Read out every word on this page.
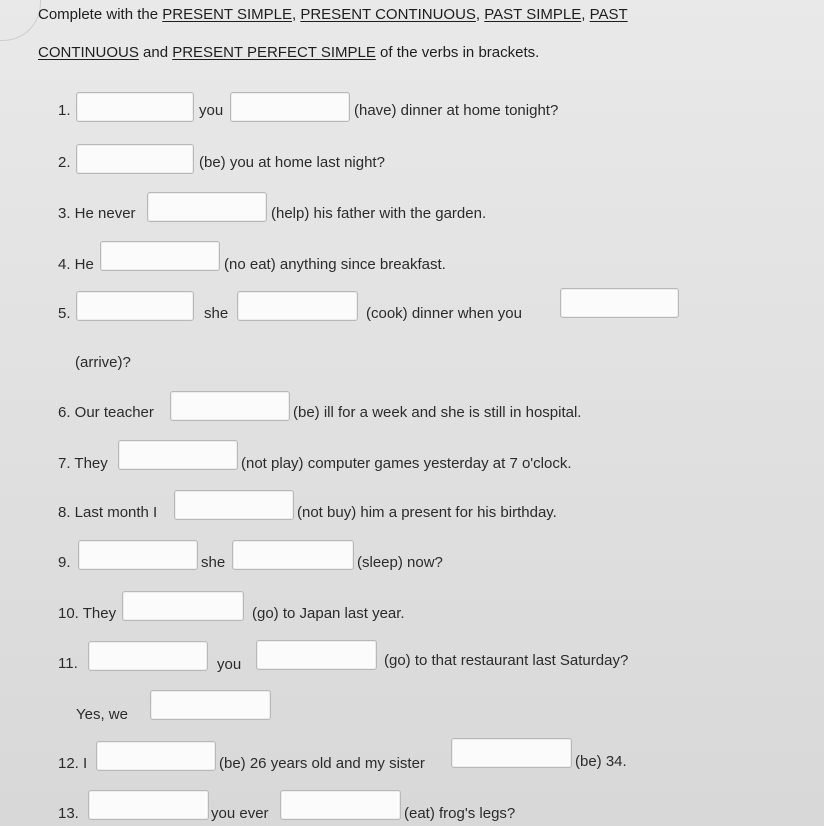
Complete with the PRESENT SIMPLE, PRESENT CONTINUOUS, PAST SIMPLE, PAST
CONTINUOUS and PRESENT PERFECT SIMPLE of the verbs in brackets.
1.	you	(have) dinner at home tonight?
2.	(be) you at home last night?
3. He never	(help) his father with the garden.
4. He	(no eat) anything since breakfast.
5.	she	(cook) dinner when you
(arrive)?
6. Our teacher	(be) ill for a week and she is still in hospital.
7. They	(not play) computer games yesterday at 7 o'clock.
8. Last month I	(not buy) him a present for his birthday.
9.	she	(sleep) now?
10. They	(go) to Japan last year.
11.	you	(go) to that restaurant last Saturday?
Yes, we
12. I	(be) 26 years old and my sister	(be) 34.
13.	you ever	(eat) frog's legs?
